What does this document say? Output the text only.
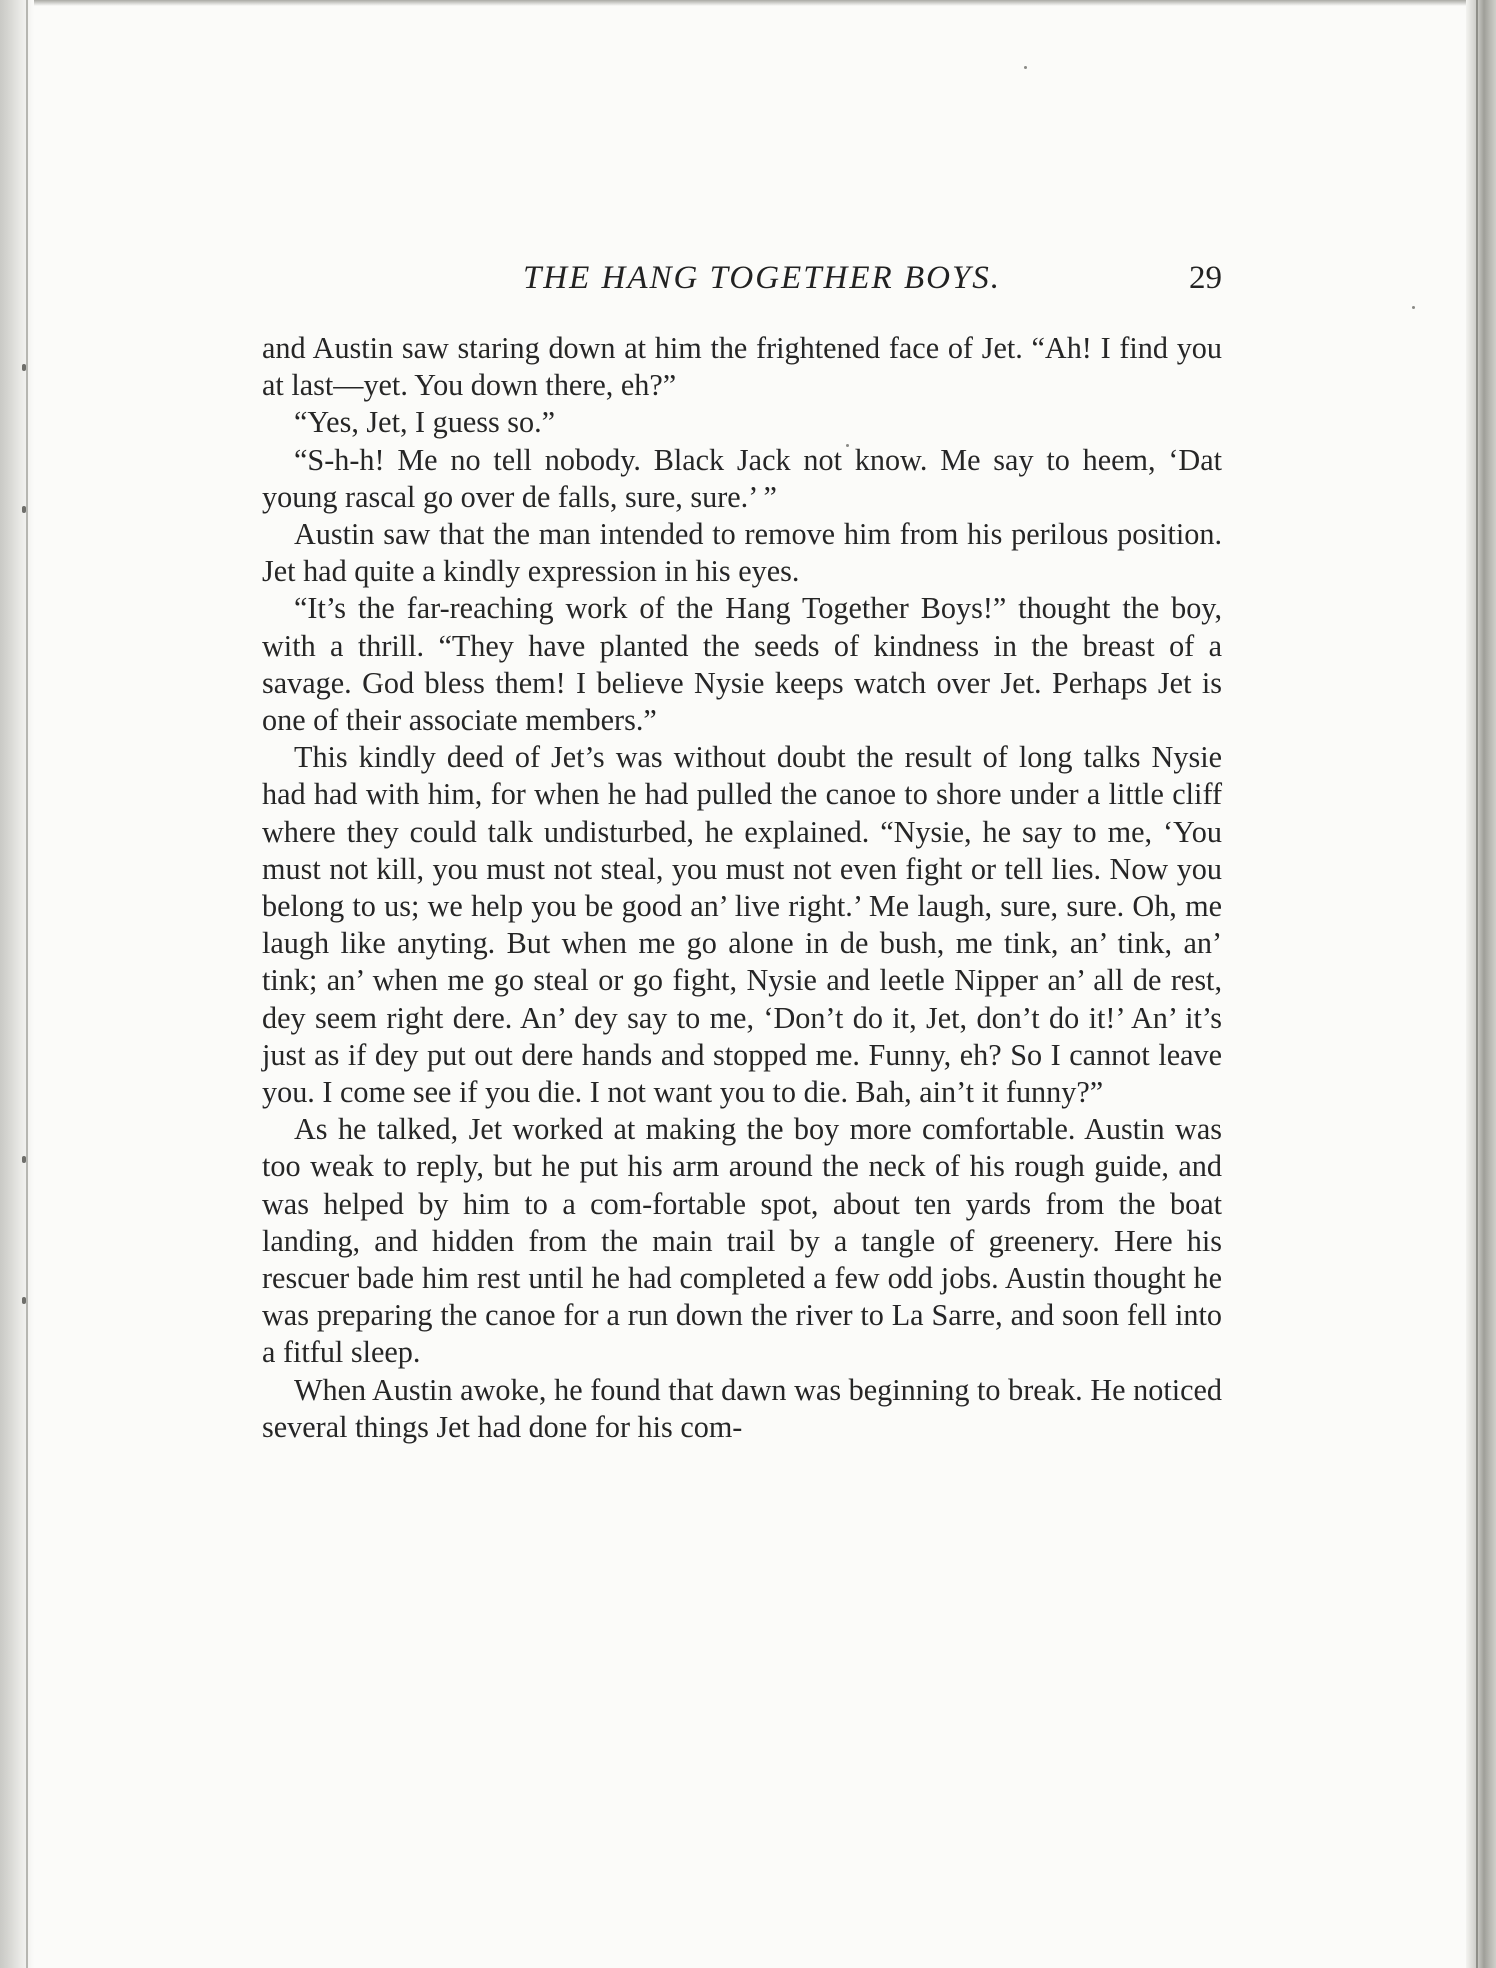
THE HANG TOGETHER BOYS.	29

and Austin saw staring down at him the frightened face of Jet. “Ah! I find you at last—yet. You down there, eh?”

“Yes, Jet, I guess so.”

“S-h-h! Me no tell nobody. Black Jack not know. Me say to heem, ‘Dat young rascal go over de falls, sure, sure.’ ”

Austin saw that the man intended to remove him from his perilous position. Jet had quite a kindly expression in his eyes.

“It’s the far-reaching work of the Hang Together Boys!” thought the boy, with a thrill. “They have planted the seeds of kindness in the breast of a savage. God bless them! I believe Nysie keeps watch over Jet. Perhaps Jet is one of their associate members.”

This kindly deed of Jet’s was without doubt the result of long talks Nysie had had with him, for when he had pulled the canoe to shore under a little cliff where they could talk undisturbed, he explained. “Nysie, he say to me, ‘You must not kill, you must not steal, you must not even fight or tell lies. Now you belong to us; we help you be good an’ live right.’ Me laugh, sure, sure. Oh, me laugh like anyting. But when me go alone in de bush, me tink, an’ tink, an’ tink; an’ when me go steal or go fight, Nysie and leetle Nipper an’ all de rest, dey seem right dere. An’ dey say to me, ‘Don’t do it, Jet, don’t do it!’ An’ it’s just as if dey put out dere hands and stopped me. Funny, eh? So I cannot leave you. I come see if you die. I not want you to die. Bah, ain’t it funny?”

As he talked, Jet worked at making the boy more comfortable. Austin was too weak to reply, but he put his arm around the neck of his rough guide, and was helped by him to a com-fortable spot, about ten yards from the boat landing, and hidden from the main trail by a tangle of greenery. Here his rescuer bade him rest until he had completed a few odd jobs. Austin thought he was preparing the canoe for a run down the river to La Sarre, and soon fell into a fitful sleep.

When Austin awoke, he found that dawn was beginning to break. He noticed several things Jet had done for his com-
